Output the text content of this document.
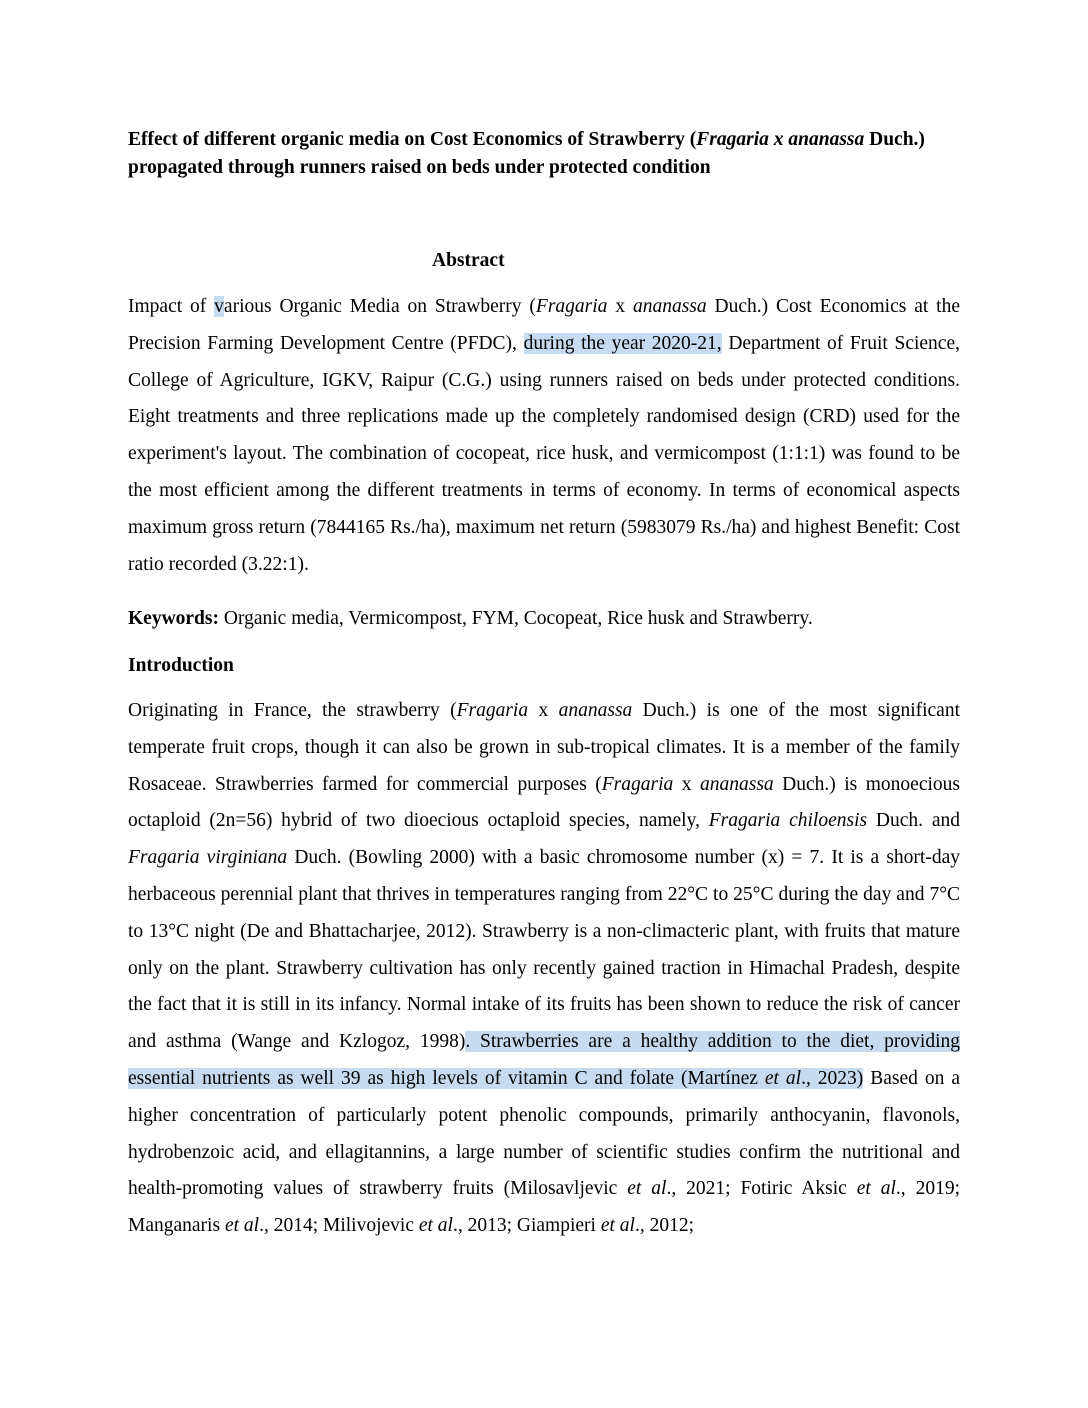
Effect of different organic media on Cost Economics of Strawberry (Fragaria x ananassa Duch.) propagated through runners raised on beds under protected condition

Abstract

Impact of various Organic Media on Strawberry (Fragaria x ananassa Duch.) Cost Economics at the Precision Farming Development Centre (PFDC), during the year 2020-21, Department of Fruit Science, College of Agriculture, IGKV, Raipur (C.G.) using runners raised on beds under protected conditions. Eight treatments and three replications made up the completely randomised design (CRD) used for the experiment's layout. The combination of cocopeat, rice husk, and vermicompost (1:1:1) was found to be the most efficient among the different treatments in terms of economy. In terms of economical aspects maximum gross return (7844165 Rs./ha), maximum net return (5983079 Rs./ha) and highest Benefit: Cost ratio recorded (3.22:1).

Keywords: Organic media, Vermicompost, FYM, Cocopeat, Rice husk and Strawberry.

Introduction

Originating in France, the strawberry (Fragaria x ananassa Duch.) is one of the most significant temperate fruit crops, though it can also be grown in sub-tropical climates. It is a member of the family Rosaceae. Strawberries farmed for commercial purposes (Fragaria x ananassa Duch.) is monoecious octaploid (2n=56) hybrid of two dioecious octaploid species, namely, Fragaria chiloensis Duch. and Fragaria virginiana Duch. (Bowling 2000) with a basic chromosome number (x) = 7. It is a short-day herbaceous perennial plant that thrives in temperatures ranging from 22°C to 25°C during the day and 7°C to 13°C night (De and Bhattacharjee, 2012). Strawberry is a non-climacteric plant, with fruits that mature only on the plant. Strawberry cultivation has only recently gained traction in Himachal Pradesh, despite the fact that it is still in its infancy. Normal intake of its fruits has been shown to reduce the risk of cancer and asthma (Wange and Kzlogoz, 1998). Strawberries are a healthy addition to the diet, providing essential nutrients as well 39 as high levels of vitamin C and folate (Martínez et al., 2023) Based on a higher concentration of particularly potent phenolic compounds, primarily anthocyanin, flavonols, hydrobenzoic acid, and ellagitannins, a large number of scientific studies confirm the nutritional and health-promoting values of strawberry fruits (Milosavljevic et al., 2021; Fotiric Aksic et al., 2019; Manganaris et al., 2014; Milivojevic et al., 2013; Giampieri et al., 2012;
